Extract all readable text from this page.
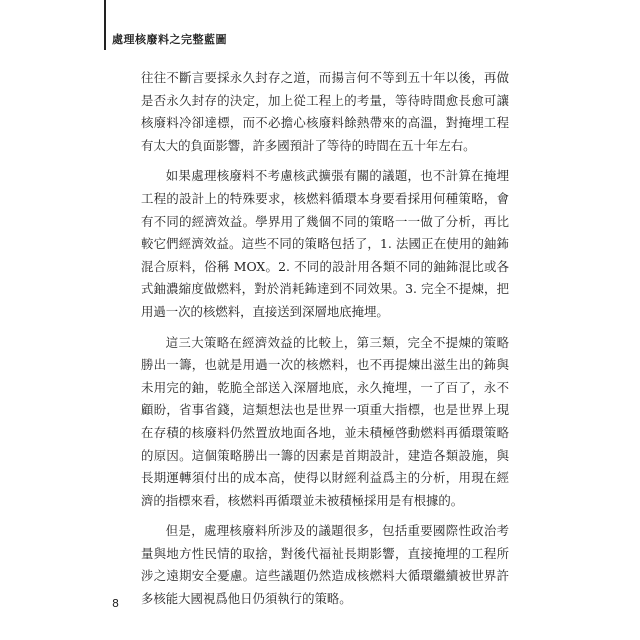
處理核廢料之完整藍圖

往往不斷言要採永久封存之道，而揚言何不等到五十年以後，再做是否永久封存的決定，加上從工程上的考量，等待時間愈長愈可讓核廢料冷卻達標，而不必擔心核廢料餘熱帶來的高溫，對掩埋工程有太大的負面影響，許多國預計了等待的時間在五十年左右。

如果處理核廢料不考慮核武擴張有關的議題，也不計算在掩埋工程的設計上的特殊要求，核燃料循環本身要看採用何種策略，會有不同的經濟效益。學界用了幾個不同的策略一一做了分析，再比較它們經濟效益。這些不同的策略包括了，1. 法國正在使用的鈾鈽混合原料，俗稱 MOX。2. 不同的設計用各類不同的鈾鈽混比或各式鈾濃縮度做燃料，對於消耗鈽達到不同效果。3. 完全不提煉，把用過一次的核燃料，直接送到深層地底掩埋。

這三大策略在經濟效益的比較上，第三類，完全不提煉的策略勝出一籌，也就是用過一次的核燃料，也不再提煉出滋生出的鈽與未用完的鈾，乾脆全部送入深層地底，永久掩埋，一了百了，永不顧盼，省事省錢，這類想法也是世界一項重大指標，也是世界上現在存積的核廢料仍然置放地面各地，並未積極啓動燃料再循環策略的原因。這個策略勝出一籌的因素是首期設計，建造各類設施，與長期運轉須付出的成本高，使得以財經利益爲主的分析，用現在經濟的指標來看，核燃料再循環並未被積極採用是有根據的。

但是，處理核廢料所涉及的議題很多，包括重要國際性政治考量與地方性民情的取捨，對後代福祉長期影響，直接掩埋的工程所涉之遠期安全憂慮。這些議題仍然造成核燃料大循環繼續被世界許多核能大國視爲他日仍須執行的策略。

8
